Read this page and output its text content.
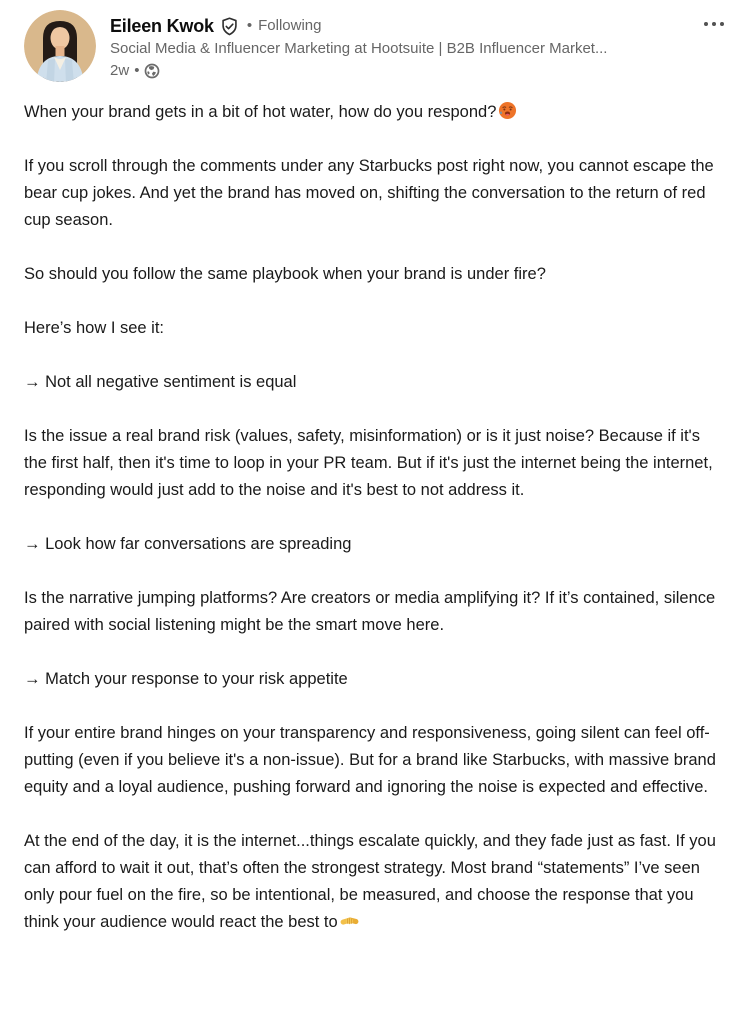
Eileen Kwok • Following
Social Media & Influencer Marketing at Hootsuite | B2B Influencer Market...
2w •

When your brand gets in a bit of hot water, how do you respond?

If you scroll through the comments under any Starbucks post right now, you cannot escape the bear cup jokes. And yet the brand has moved on, shifting the conversation to the return of red cup season.

So should you follow the same playbook when your brand is under fire?

Here’s how I see it:

→ Not all negative sentiment is equal

Is the issue a real brand risk (values, safety, misinformation) or is it just noise? Because if it's the first half, then it's time to loop in your PR team. But if it's just the internet being the internet, responding would just add to the noise and it's best to not address it.

→ Look how far conversations are spreading

Is the narrative jumping platforms? Are creators or media amplifying it? If it’s contained, silence paired with social listening might be the smart move here.

→ Match your response to your risk appetite

If your entire brand hinges on your transparency and responsiveness, going silent can feel off-putting (even if you believe it's a non-issue). But for a brand like Starbucks, with massive brand equity and a loyal audience, pushing forward and ignoring the noise is expected and effective.

At the end of the day, it is the internet...things escalate quickly, and they fade just as fast. If you can afford to wait it out, that’s often the strongest strategy. Most brand “statements” I’ve seen only pour fuel on the fire, so be intentional, be measured, and choose the response that you think your audience would react the best to
